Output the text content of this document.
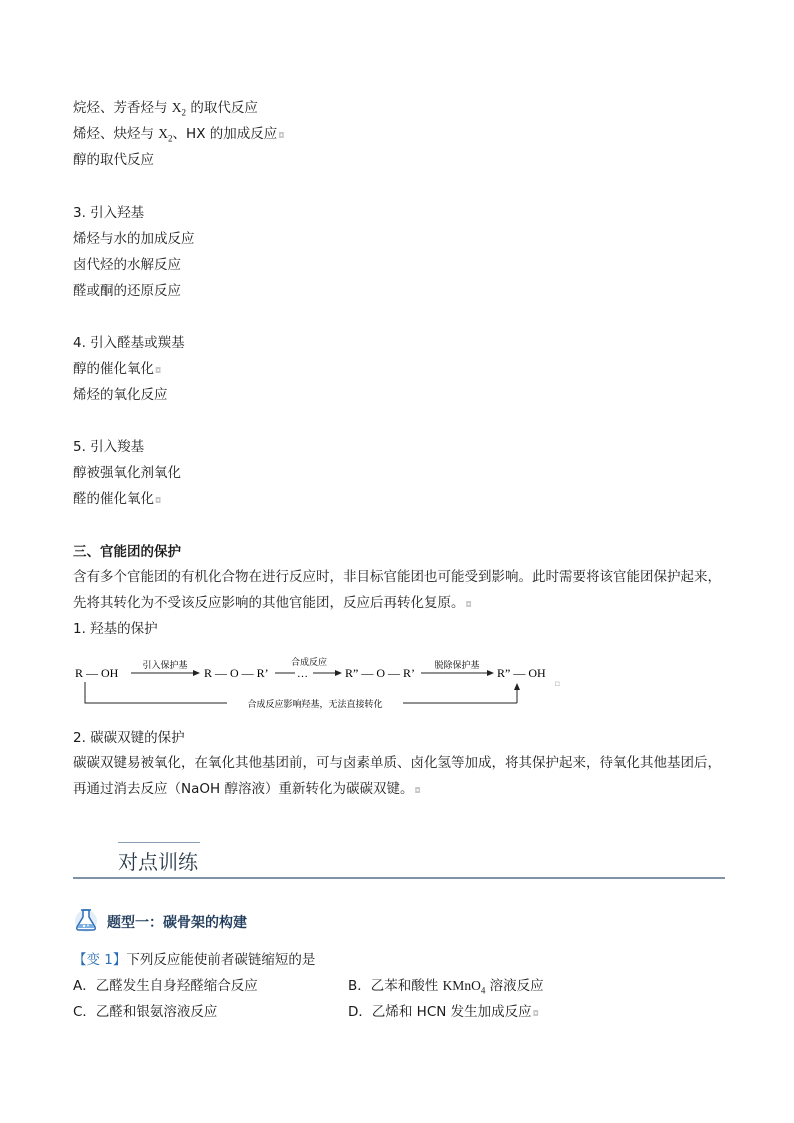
烷烃、芳香烃与 $X_2$ 的取代反应
烯烃、炔烃与 $X_2$、HX 的加成反应◘
醇的取代反应
3. 引入羟基
烯烃与水的加成反应
卤代烃的水解反应
醛或酮的还原反应
4. 引入醛基或羰基
醇的催化氧化◘
烯烃的氧化反应
5. 引入羧基
醇被强氧化剂氧化
醛的催化氧化◘
三、官能团的保护
含有多个官能团的有机化合物在进行反应时，非目标官能团也可能受到影响。此时需要将该官能团保护起来，先将其转化为不受该反应影响的其他官能团，反应后再转化复原。◘
1. 羟基的保护
R — OH
引入保护基
R — O — R’	…
合成反应
R” — O — R’
脱除保护基
R” — OH
合成反应影响羟基，无法直接转化
◘
2. 碳碳双键的保护
碳碳双键易被氧化，在氧化其他基团前，可与卤素单质、卤化氢等加成，将其保护起来，待氧化其他基团后，再通过消去反应（NaOH 醇溶液）重新转化为碳碳双键。◘
对点训练
题型一：碳骨架的构建
【变 1】下列反应能使前者碳链缩短的是
A．乙醛发生自身羟醛缩合反应	B．乙苯和酸性 KMnO$_4$ 溶液反应
C．乙醛和银氨溶液反应	D．乙烯和 HCN 发生加成反应◘
